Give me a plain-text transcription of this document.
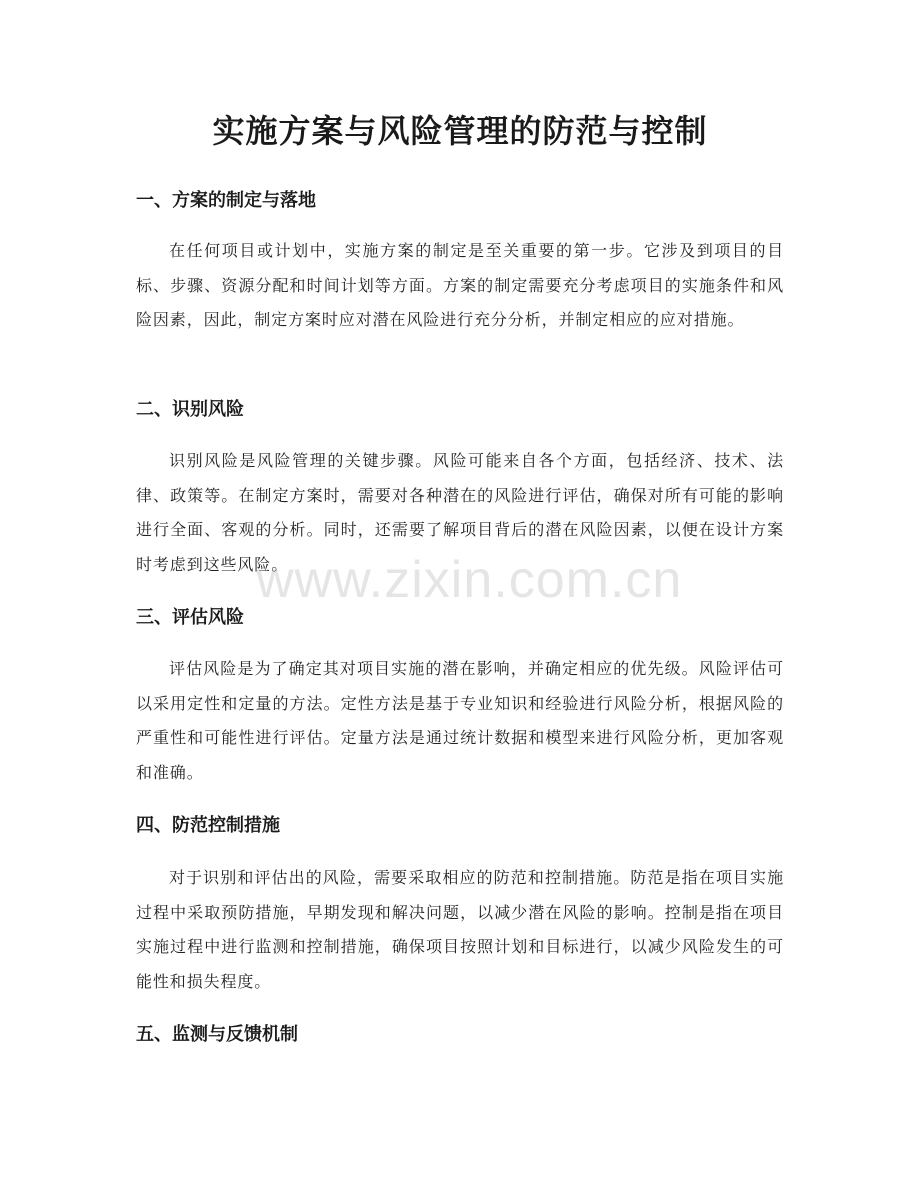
实施方案与风险管理的防范与控制
一、方案的制定与落地

在任何项目或计划中，实施方案的制定是至关重要的第一步。它涉及到项目的目标、步骤、资源分配和时间计划等方面。方案的制定需要充分考虑项目的实施条件和风险因素，因此，制定方案时应对潜在风险进行充分分析，并制定相应的应对措施。

二、识别风险

识别风险是风险管理的关键步骤。风险可能来自各个方面，包括经济、技术、法律、政策等。在制定方案时，需要对各种潜在的风险进行评估，确保对所有可能的影响进行全面、客观的分析。同时，还需要了解项目背后的潜在风险因素，以便在设计方案时考虑到这些风险。

三、评估风险

评估风险是为了确定其对项目实施的潜在影响，并确定相应的优先级。风险评估可以采用定性和定量的方法。定性方法是基于专业知识和经验进行风险分析，根据风险的严重性和可能性进行评估。定量方法是通过统计数据和模型来进行风险分析，更加客观和准确。

四、防范控制措施

对于识别和评估出的风险，需要采取相应的防范和控制措施。防范是指在项目实施过程中采取预防措施，早期发现和解决问题，以减少潜在风险的影响。控制是指在项目实施过程中进行监测和控制措施，确保项目按照计划和目标进行，以减少风险发生的可能性和损失程度。

五、监测与反馈机制
www.zixin.com.cn
